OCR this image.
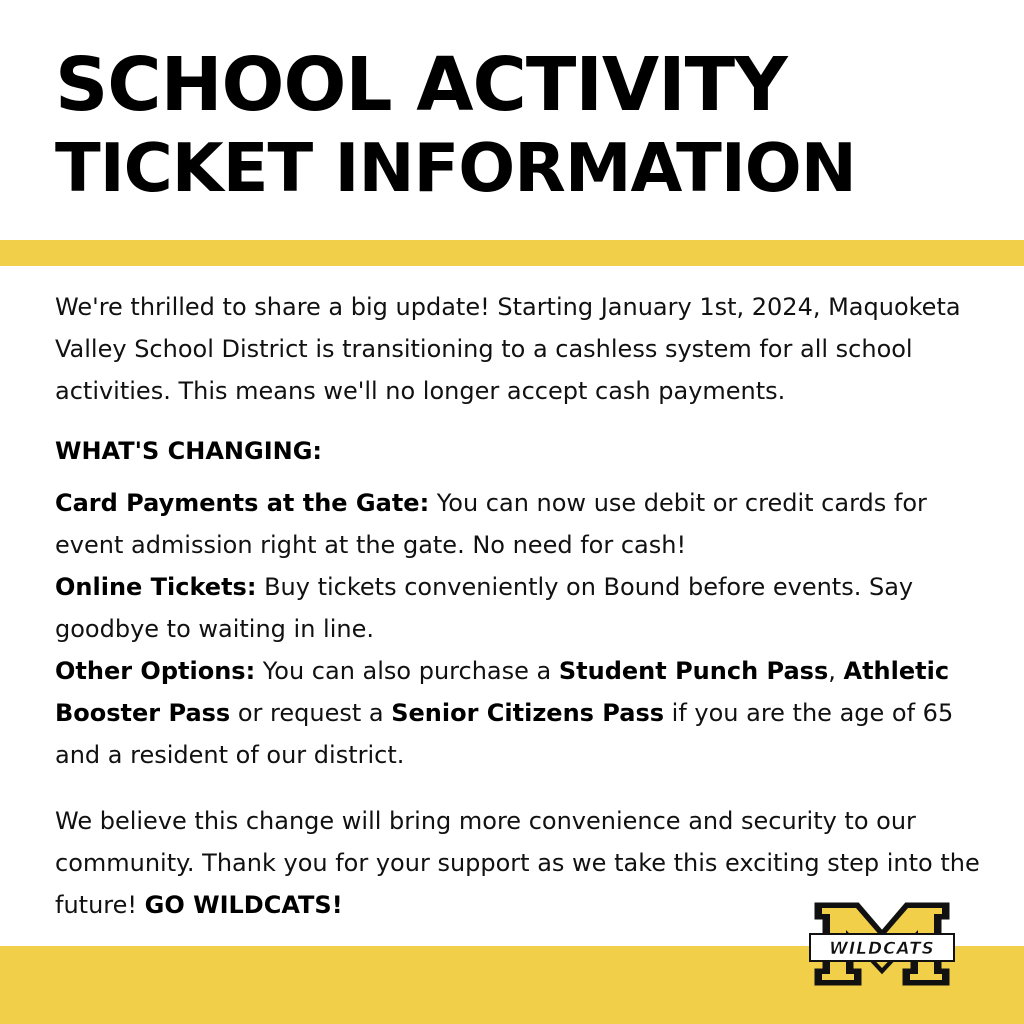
SCHOOL ACTIVITY
TICKET INFORMATION

We're thrilled to share a big update! Starting January 1st, 2024, Maquoketa Valley School District is transitioning to a cashless system for all school activities. This means we'll no longer accept cash payments.

WHAT'S CHANGING:
Card Payments at the Gate: You can now use debit or credit cards for event admission right at the gate. No need for cash!
Online Tickets: Buy tickets conveniently on Bound before events. Say goodbye to waiting in line.
Other Options: You can also purchase a Student Punch Pass, Athletic Booster Pass or request a Senior Citizens Pass if you are the age of 65 and a resident of our district.

We believe this change will bring more convenience and security to our community. Thank you for your support as we take this exciting step into the future! GO WILDCATS!

WILDCATS
